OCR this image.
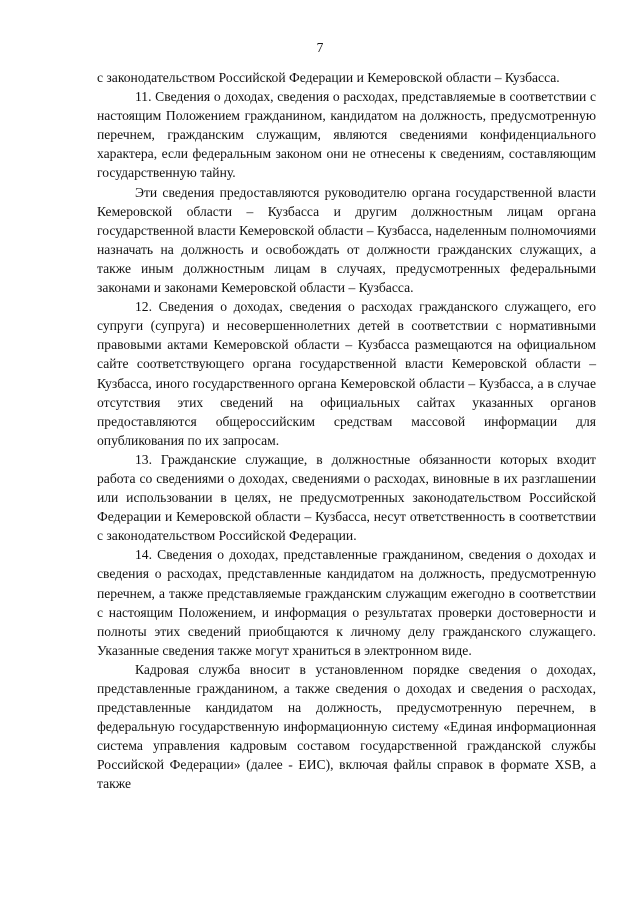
7

с законодательством Российской Федерации и Кемеровской области – Кузбасса.

11. Сведения о доходах, сведения о расходах, представляемые в соответствии с настоящим Положением гражданином, кандидатом на должность, предусмотренную перечнем, гражданским служащим, являются сведениями конфиденциального характера, если федеральным законом они не отнесены к сведениям, составляющим государственную тайну.

Эти сведения предоставляются руководителю органа государственной власти Кемеровской области – Кузбасса и другим должностным лицам органа государственной власти Кемеровской области – Кузбасса, наделенным полномочиями назначать на должность и освобождать от должности гражданских служащих, а также иным должностным лицам в случаях, предусмотренных федеральными законами и законами Кемеровской области – Кузбасса.

12. Сведения о доходах, сведения о расходах гражданского служащего, его супруги (супруга) и несовершеннолетних детей в соответствии с нормативными правовыми актами Кемеровской области – Кузбасса размещаются на официальном сайте соответствующего органа государственной власти Кемеровской области – Кузбасса, иного государственного органа Кемеровской области – Кузбасса, а в случае отсутствия этих сведений на официальных сайтах указанных органов предоставляются общероссийским средствам массовой информации для опубликования по их запросам.

13. Гражданские служащие, в должностные обязанности которых входит работа со сведениями о доходах, сведениями о расходах, виновные в их разглашении или использовании в целях, не предусмотренных законодательством Российской Федерации и Кемеровской области – Кузбасса, несут ответственность в соответствии с законодательством Российской Федерации.

14. Сведения о доходах, представленные гражданином, сведения о доходах и сведения о расходах, представленные кандидатом на должность, предусмотренную перечнем, а также представляемые гражданским служащим ежегодно в соответствии с настоящим Положением, и информация о результатах проверки достоверности и полноты этих сведений приобщаются к личному делу гражданского служащего. Указанные сведения также могут храниться в электронном виде.

Кадровая служба вносит в установленном порядке сведения о доходах, представленные гражданином, а также сведения о доходах и сведения о расходах, представленные кандидатом на должность, предусмотренную перечнем, в федеральную государственную информационную систему «Единая информационная система управления кадровым составом государственной гражданской службы Российской Федерации» (далее - ЕИС), включая файлы справок в формате XSB, а также
